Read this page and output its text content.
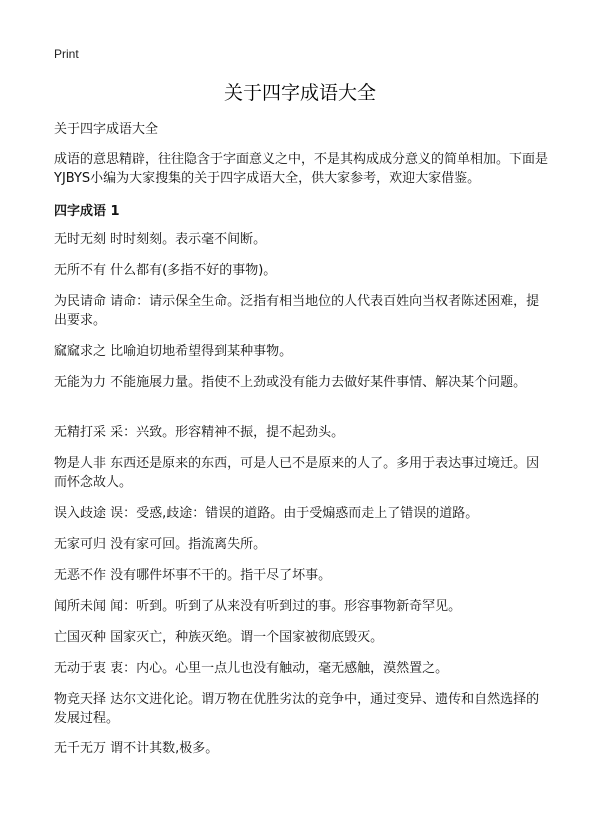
Print
关于四字成语大全
关于四字成语大全
成语的意思精辟，往往隐含于字面意义之中，不是其构成成分意义的简单相加。下面是YJBYS小编为大家搜集的关于四字成语大全，供大家参考，欢迎大家借鉴。
四字成语 1
无时无刻 时时刻刻。表示毫不间断。
无所不有 什么都有(多指不好的事物)。
为民请命 请命：请示保全生命。泛指有相当地位的人代表百姓向当权者陈述困难，提出要求。
窳窳求之 比喻迫切地希望得到某种事物。
无能为力 不能施展力量。指使不上劲或没有能力去做好某件事情、解决某个问题。
无精打采 采：兴致。形容精神不振，提不起劲头。
物是人非 东西还是原来的东西，可是人已不是原来的人了。多用于表达事过境迁。因而怀念故人。
误入歧途 误：受惑,歧途：错误的道路。由于受煽惑而走上了错误的道路。
无家可归 没有家可回。指流离失所。
无恶不作 没有哪件坏事不干的。指干尽了坏事。
闻所未闻 闻：听到。听到了从来没有听到过的事。形容事物新奇罕见。
亡国灭种 国家灭亡，种族灭绝。谓一个国家被彻底毁灭。
无动于衷 衷：内心。心里一点儿也没有触动，毫无感触，漠然置之。
物竞天择 达尔文进化论。谓万物在优胜劣汰的竞争中，通过变异、遗传和自然选择的发展过程。
无千无万 谓不计其数,极多。
